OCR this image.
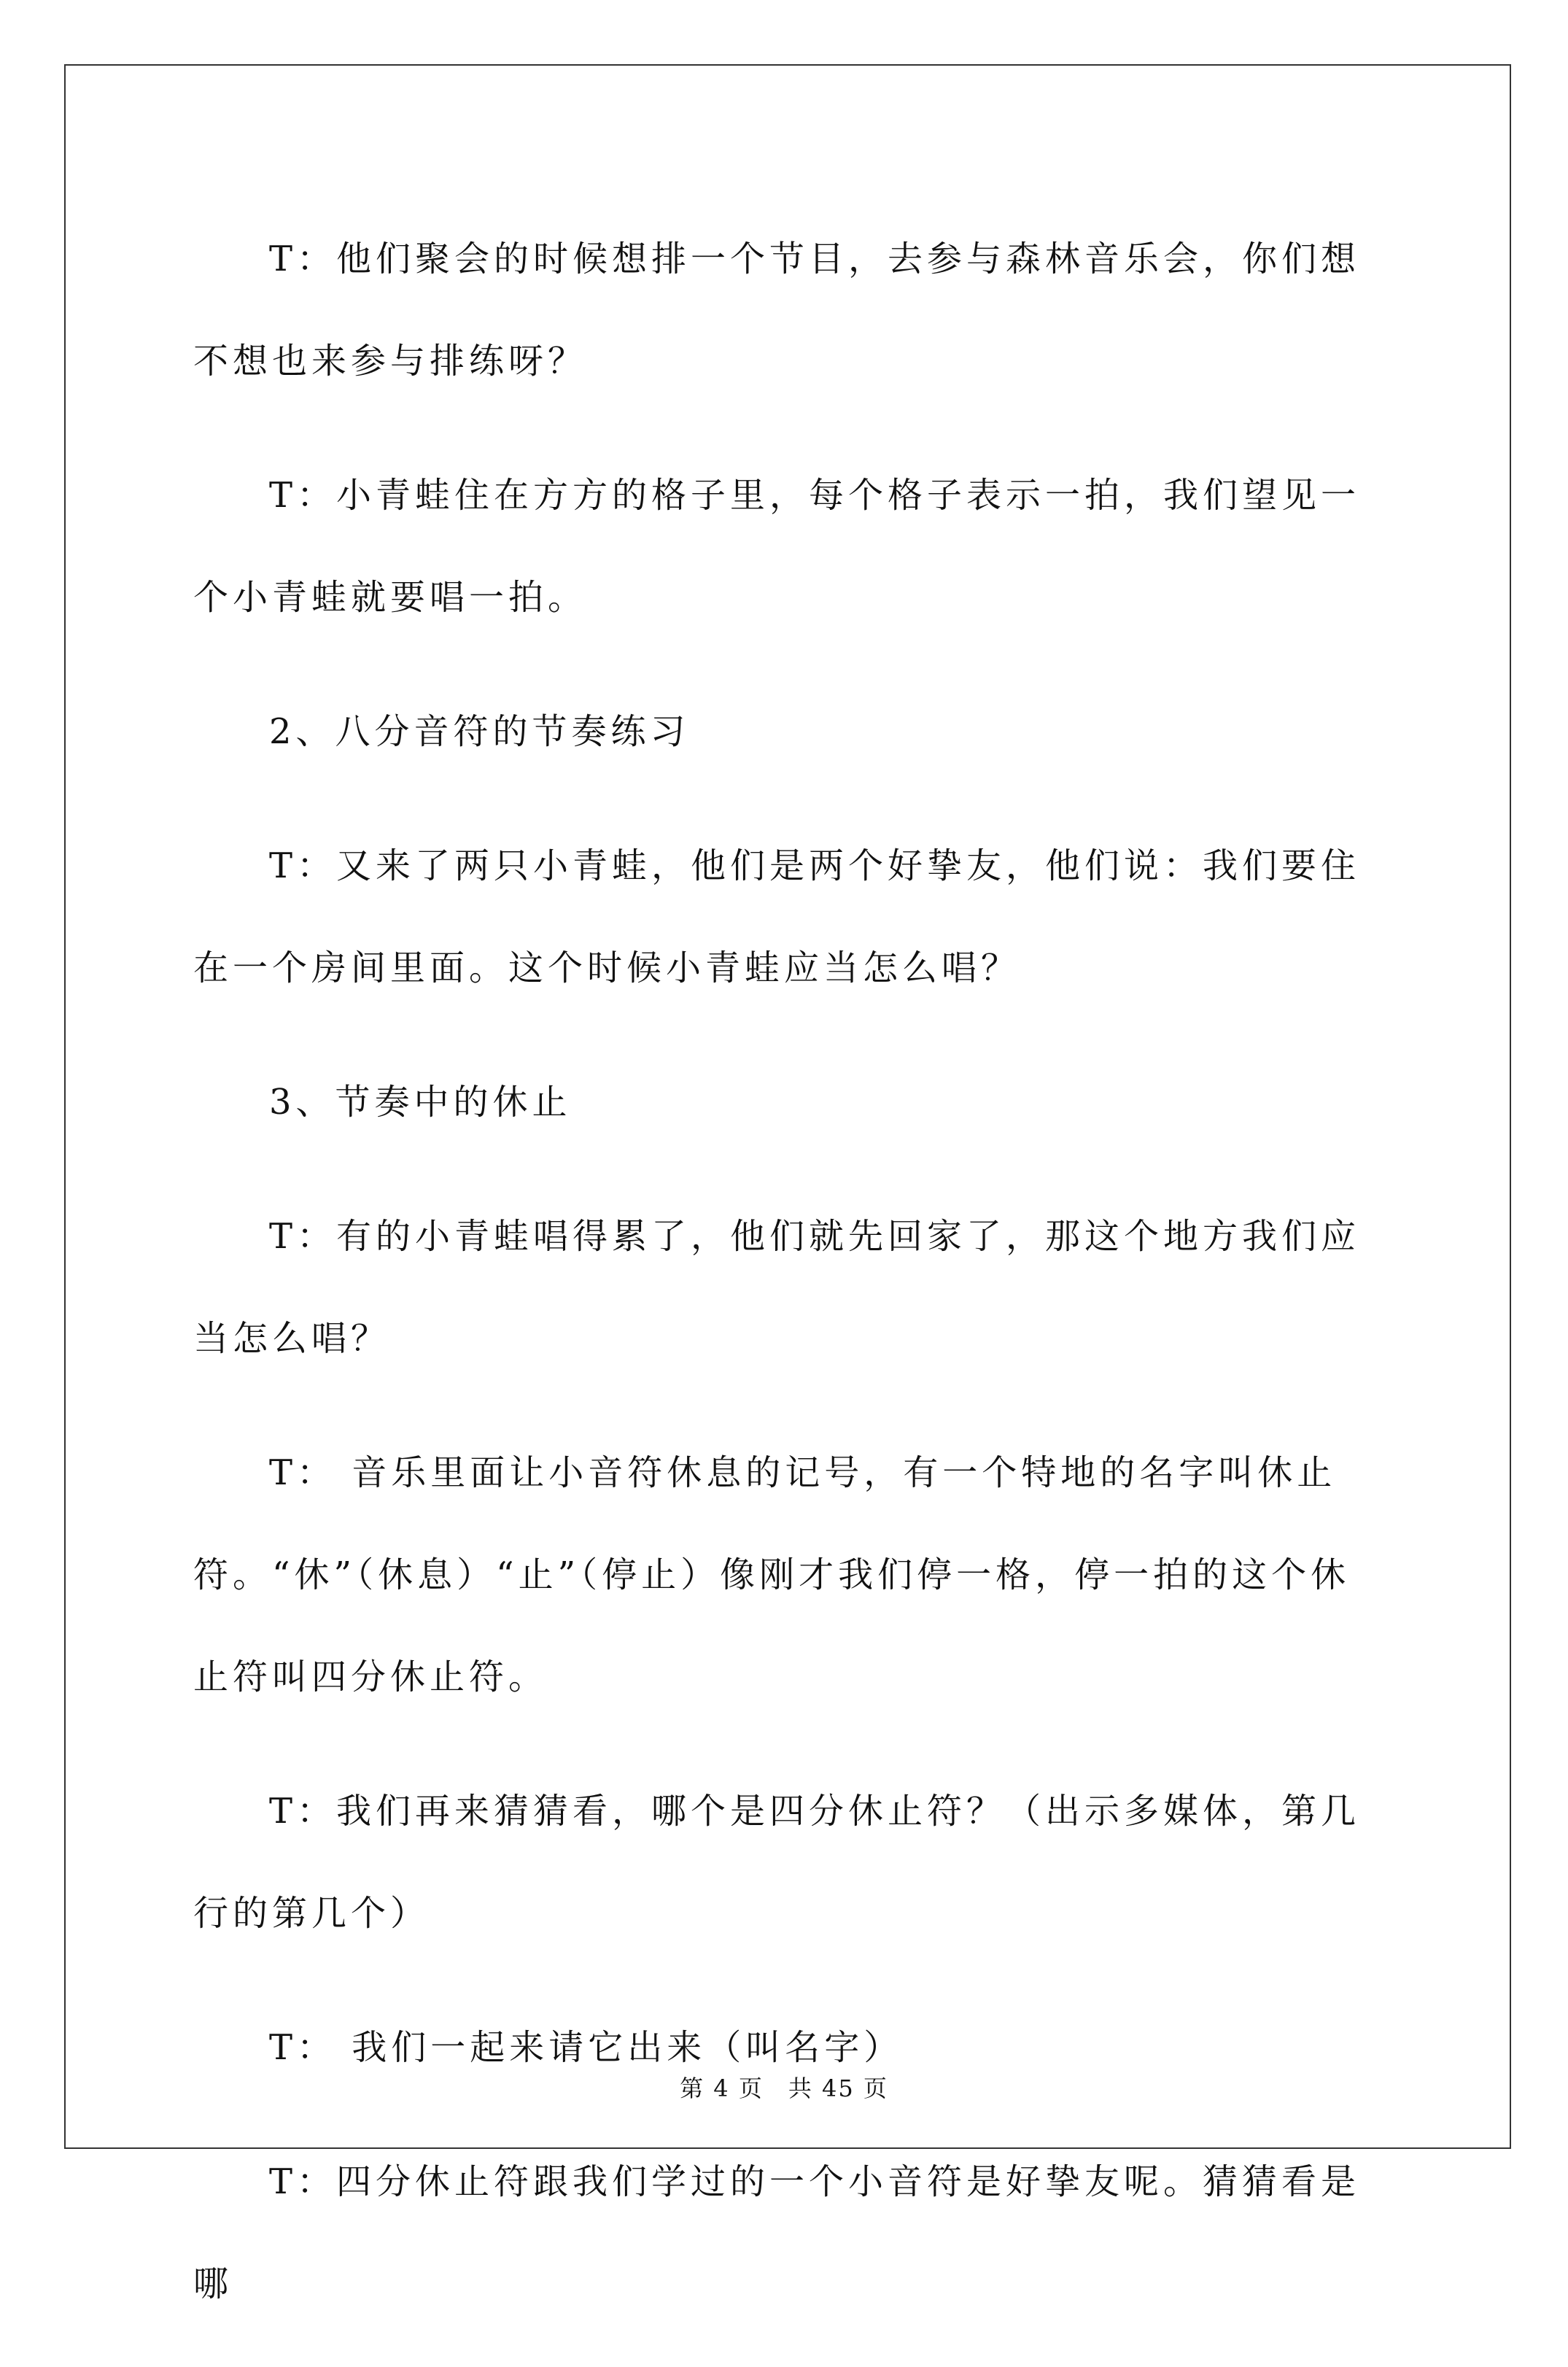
T：他们聚会的时候想排一个节目，去参与森林音乐会，你们想不想也来参与排练呀？

T：小青蛙住在方方的格子里，每个格子表示一拍，我们望见一个小青蛙就要唱一拍。

2、八分音符的节奏练习

T：又来了两只小青蛙，他们是两个好挚友，他们说：我们要住在一个房间里面。这个时候小青蛙应当怎么唱？

3、节奏中的休止

T：有的小青蛙唱得累了，他们就先回家了，那这个地方我们应当怎么唱？

T： 音乐里面让小音符休息的记号，有一个特地的名字叫休止符。“休”（休息）“止”（停止）像刚才我们停一格，停一拍的这个休止符叫四分休止符。

T：我们再来猜猜看，哪个是四分休止符？（出示多媒体，第几行的第几个）

T： 我们一起来请它出来（叫名字）

T：四分休止符跟我们学过的一个小音符是好挚友呢。猜猜看是哪

第 4 页　共 45 页
